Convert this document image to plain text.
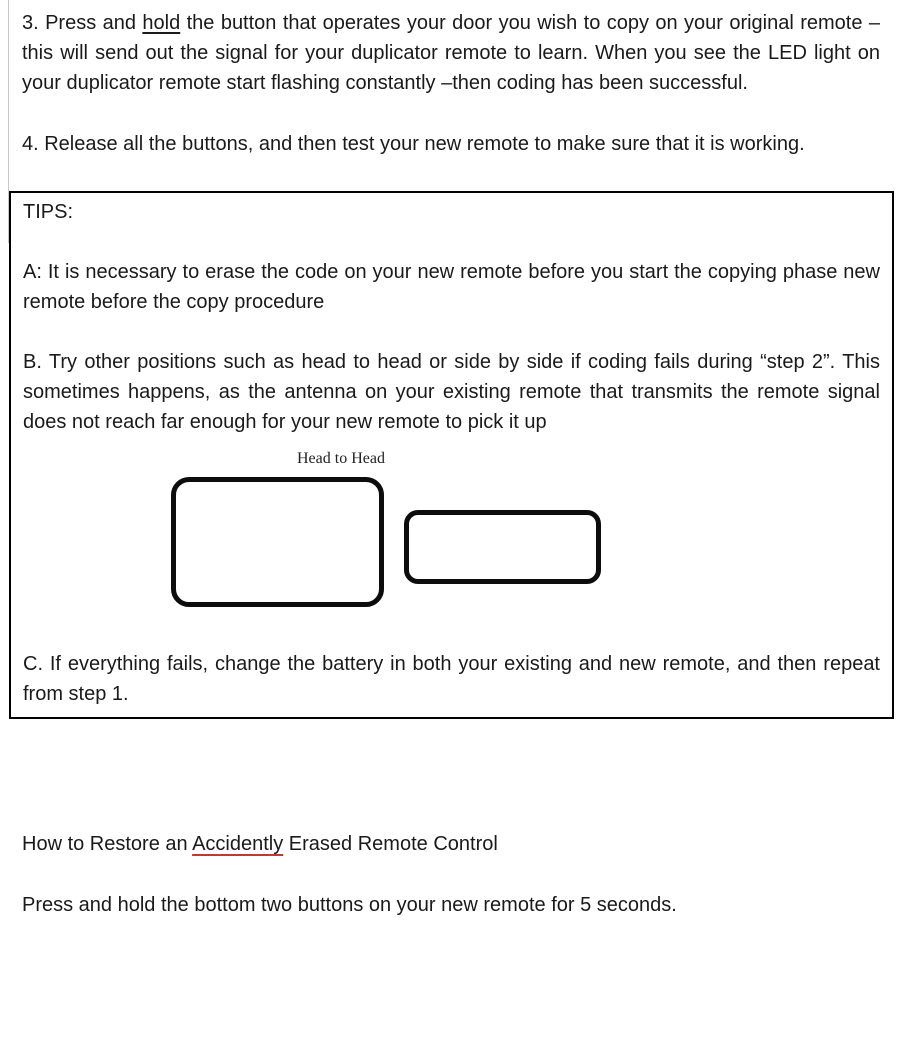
3. Press and hold the button that operates your door you wish to copy on your original remote – this will send out the signal for your duplicator remote to learn. When you see the LED light on your duplicator remote start flashing constantly –then coding has been successful.

4. Release all the buttons, and then test your new remote to make sure that it is working.

TIPS:

A: It is necessary to erase the code on your new remote before you start the copying phase new remote before the copy procedure

B. Try other positions such as head to head or side by side if coding fails during “step 2”. This sometimes happens, as the antenna on your existing remote that transmits the remote signal does not reach far enough for your new remote to pick it up

Head to Head

C. If everything fails, change the battery in both your existing and new remote, and then repeat from step 1.

How to Restore an Accidently Erased Remote Control

Press and hold the bottom two buttons on your new remote for 5 seconds.
